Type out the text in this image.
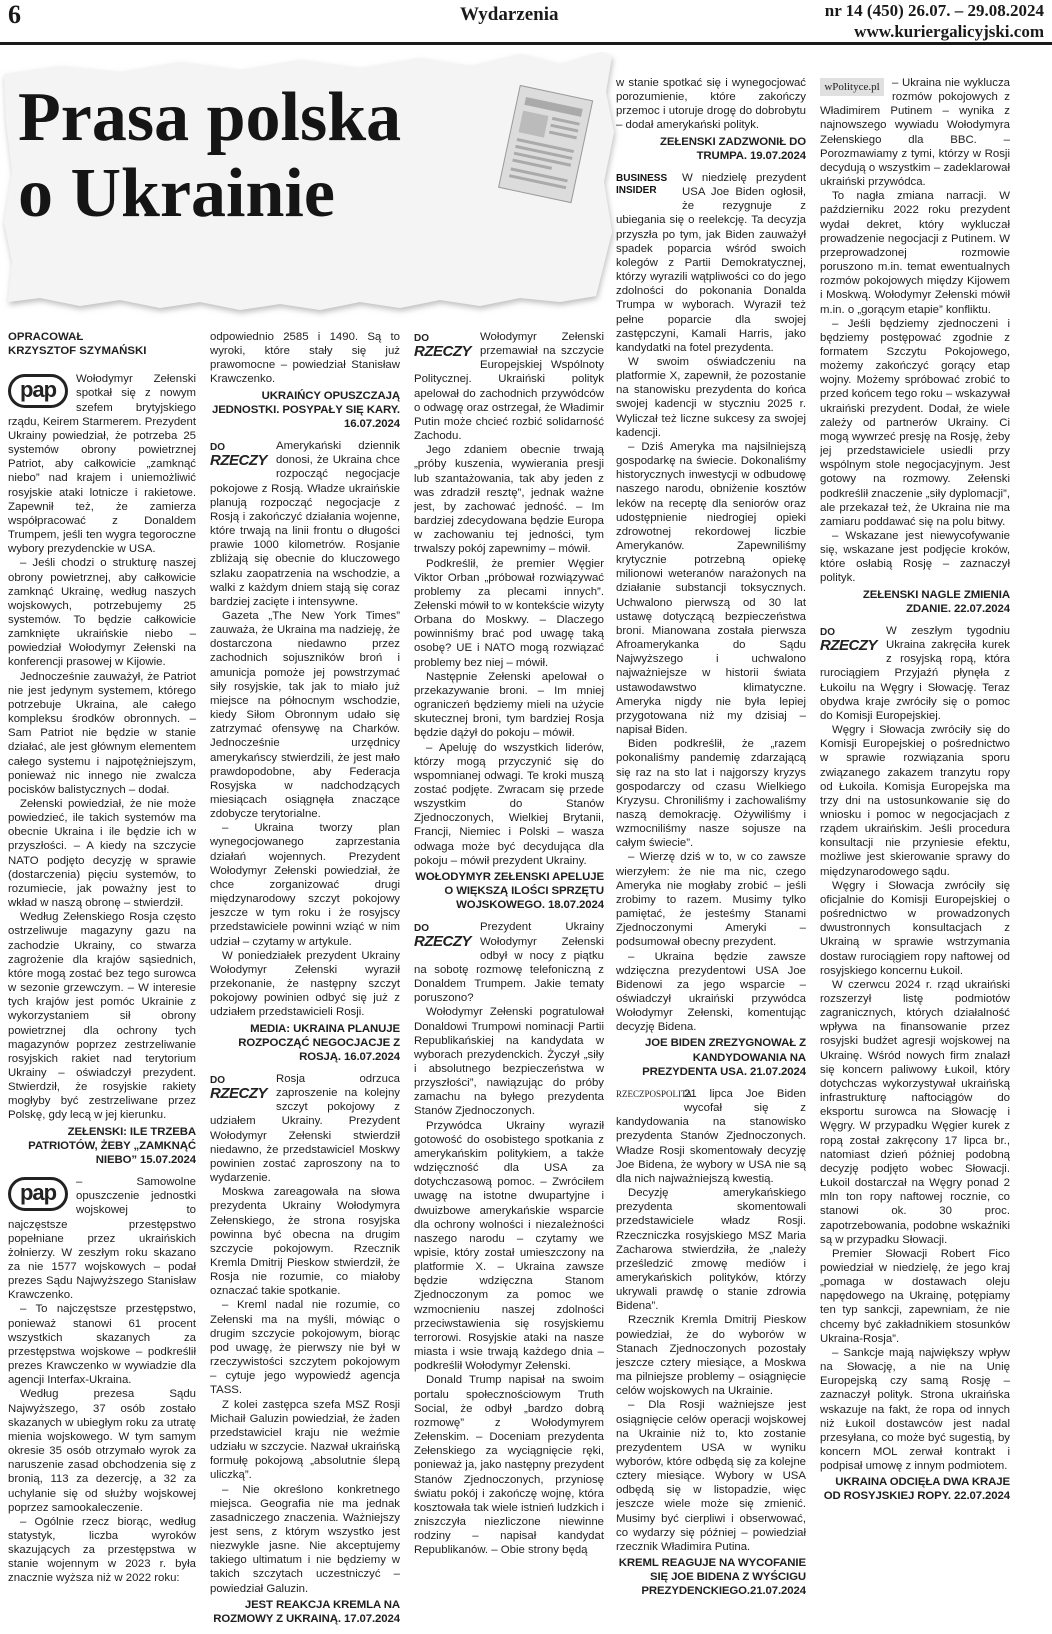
6	Wydarzenia	nr 14 (450) 26.07. – 29.08.2024
www.kuriergalicyjski.com
Prasa polska
o Ukrainie
OPRACOWAŁ
KRZYSZTOF SZYMAŃSKI
pap	Wołodymyr Zełenski spotkał się z nowym szefem brytyjskiego rządu, Keirem Starmerem. Prezydent Ukrainy powiedział, że potrzeba 25 systemów obrony powietrznej Patriot, aby całkowicie „zamknąć niebo” nad krajem i uniemożliwić rosyjskie ataki lotnicze i rakietowe. Zapewnił też, że zamierza współpracować z Donaldem Trumpem, jeśli ten wygra tegoroczne wybory prezydenckie w USA.

– Jeśli chodzi o strukturę naszej obrony powietrznej, aby całkowicie zamknąć Ukrainę, według naszych wojskowych, potrzebujemy 25 systemów. To będzie całkowicie zamknięte ukraińskie niebo – powiedział Wołodymyr Zełenski na konferencji prasowej w Kijowie.

Jednocześnie zauważył, że Patriot nie jest jedynym systemem, którego potrzebuje Ukraina, ale całego kompleksu środków obronnych. – Sam Patriot nie będzie w stanie działać, ale jest głównym elementem całego systemu i najpotężniejszym, ponieważ nic innego nie zwalcza pocisków balistycznych – dodał.

Zełenski powiedział, że nie może powiedzieć, ile takich systemów ma obecnie Ukraina i ile będzie ich w przyszłości. – A kiedy na szczycie NATO podjęto decyzję w sprawie (dostarczenia) pięciu systemów, to rozumiecie, jak poważny jest to wkład w naszą obronę – stwierdził.

Według Zełenskiego Rosja często ostrzeliwuje magazyny gazu na zachodzie Ukrainy, co stwarza zagrożenie dla krajów sąsiednich, które mogą zostać bez tego surowca w sezonie grzewczym. – W interesie tych krajów jest pomóc Ukrainie z wykorzystaniem sił obrony powietrznej dla ochrony tych magazynów poprzez zestrzeliwanie rosyjskich rakiet nad terytorium Ukrainy – oświadczył prezydent. Stwierdził, że rosyjskie rakiety mogłyby być zestrzeliwane przez Polskę, gdy lecą w jej kierunku.

ZEŁENSKI: ILE TRZEBA PATRIOTÓW, ŻEBY „ZAMKNĄĆ NIEBO” 15.07.2024

pap	– Samowolne opuszczenie jednostki wojskowej to najczęstsze przestępstwo popełniane przez ukraińskich żołnierzy. W zeszłym roku skazano za nie 1577 wojskowych – podał prezes Sądu Najwyższego Stanisław Krawczenko.

– To najczęstsze przestępstwo, ponieważ stanowi 61 procent wszystkich skazanych za przestępstwa wojskowe – podkreślił prezes Krawczenko w wywiadzie dla agencji Interfax-Ukraina.

Według prezesa Sądu Najwyższego, 37 osób zostało skazanych w ubiegłym roku za utratę mienia wojskowego. W tym samym okresie 35 osób otrzymało wyrok za naruszenie zasad obchodzenia się z bronią, 113 za dezercję, a 32 za uchylanie się od służby wojskowej poprzez samookaleczenie.

– Ogólnie rzecz biorąc, według statystyk, liczba wyroków skazujących za przestępstwa w stanie wojennym w 2023 r. była znacznie wyższa niż w 2022 roku:

odpowiednio 2585 i 1490. Są to wyroki, które stały się już prawomocne – powiedział Stanisław Krawczenko.

UKRAIŃCY OPUSZCZAJĄ JEDNOSTKI. POSYPAŁY SIĘ KARY. 16.07.2024

DO
RZECZY

Amerykański dziennik donosi, że Ukraina chce rozpocząć negocjacje pokojowe z Rosją. Władze ukraińskie planują rozpocząć negocjacje z Rosją i zakończyć działania wojenne, które trwają na linii frontu o długości prawie 1000 kilometrów. Rosjanie zbliżają się obecnie do kluczowego szlaku zaopatrzenia na wschodzie, a walki z każdym dniem stają się coraz bardziej zacięte i intensywne.

Gazeta „The New York Times” zauważa, że Ukraina ma nadzieję, że dostarczona niedawno przez zachodnich sojuszników broń i amunicja pomoże jej powstrzymać siły rosyjskie, tak jak to miało już miejsce na północnym wschodzie, kiedy Siłom Obronnym udało się zatrzymać ofensywę na Charków. Jednocześnie urzędnicy amerykańscy stwierdzili, że jest mało prawdopodobne, aby Federacja Rosyjska w nadchodzących miesiącach osiągnęła znaczące zdobycze terytorialne.

– Ukraina tworzy plan wynegocjowanego zaprzestania działań wojennych. Prezydent Wołodymyr Zełenski powiedział, że chce zorganizować drugi międzynarodowy szczyt pokojowy jeszcze w tym roku i że rosyjscy przedstawiciele powinni wziąć w nim udział – czytamy w artykule.

W poniedziałek prezydent Ukrainy Wołodymyr Zełenski wyraził przekonanie, że następny szczyt pokojowy powinien odbyć się już z udziałem przedstawicieli Rosji.

MEDIA: UKRAINA PLANUJE ROZPOCZĄĆ NEGOCJACJE Z ROSJĄ. 16.07.2024

DO
RZECZY

Rosja odrzuca zaproszenie na kolejny szczyt pokojowy z udziałem Ukrainy. Prezydent Wołodymyr Zełenski stwierdził niedawno, że przedstawiciel Moskwy powinien zostać zaproszony na to wydarzenie.

Moskwa zareagowała na słowa prezydenta Ukrainy Wołodymyra Zełenskiego, że strona rosyjska powinna być obecna na drugim szczycie pokojowym. Rzecznik Kremla Dmitrij Pieskow stwierdził, że Rosja nie rozumie, co miałoby oznaczać takie spotkanie.

– Kreml nadal nie rozumie, co Zełenski ma na myśli, mówiąc o drugim szczycie pokojowym, biorąc pod uwagę, że pierwszy nie był w rzeczywistości szczytem pokojowym – cytuje jego wypowiedź agencja TASS.

Z kolei zastępca szefa MSZ Rosji Michaił Galuzin powiedział, że żaden przedstawiciel kraju nie weźmie udziału w szczycie. Nazwał ukraińską formułę pokojową „absolutnie ślepą uliczką”.

– Nie określono konkretnego miejsca. Geografia nie ma jednak zasadniczego znaczenia. Ważniejszy jest sens, z którym wszystko jest niezwykle jasne. Nie akceptujemy takiego ultimatum i nie będziemy w takich szczytach uczestniczyć – powiedział Galuzin.

JEST REAKCJA KREMLA NA ROZMOWY Z UKRAINĄ. 17.07.2024

DO
RZECZY

Wołodymyr Zełenski przemawiał na szczycie Europejskiej Wspólnoty Politycznej. Ukraiński polityk apelował do zachodnich przywódców o odwagę oraz ostrzegał, że Władimir Putin może chcieć rozbić solidarność Zachodu.

Jego zdaniem obecnie trwają „próby kuszenia, wywierania presji lub szantażowania, tak aby jeden z was zdradził resztę”, jednak ważne jest, by zachować jedność. – Im bardziej zdecydowana będzie Europa w zachowaniu tej jedności, tym trwalszy pokój zapewnimy – mówił.

Podkreślił, że premier Węgier Viktor Orban „próbował rozwiązywać problemy za plecami innych”. Zełenski mówił to w kontekście wizyty Orbana do Moskwy. – Dlaczego powinniśmy brać pod uwagę taką osobę? UE i NATO mogą rozwiązać problemy bez niej – mówił.

Następnie Zełenski apelował o przekazywanie broni. – Im mniej ograniczeń będziemy mieli na użycie skutecznej broni, tym bardziej Rosja będzie dążył do pokoju – mówił.

– Apeluję do wszystkich liderów, którzy mogą przyczynić się do wspomnianej odwagi. Te kroki muszą zostać podjęte. Zwracam się przede wszystkim do Stanów Zjednoczonych, Wielkiej Brytanii, Francji, Niemiec i Polski – wasza odwaga może być decydująca dla pokoju – mówił prezydent Ukrainy.

WOŁODYMYR ZEŁENSKI APELUJE O WIĘKSZĄ ILOŚCI SPRZĘTU WOJSKOWEGO. 18.07.2024

DO
RZECZY

Prezydent Ukrainy Wołodymyr Zełenski odbył w nocy z piątku na sobotę rozmowę telefoniczną z Donaldem Trumpem. Jakie tematy poruszono?

Wołodymyr Zełenski pogratulował Donaldowi Trumpowi nominacji Partii Republikańskiej na kandydata w wyborach prezydenckich. Życzył „siły i absolutnego bezpieczeństwa w przyszłości”, nawiązując do próby zamachu na byłego prezydenta Stanów Zjednoczonych.

Przywódca Ukrainy wyraził gotowość do osobistego spotkania z amerykańskim politykiem, a także wdzięczność dla USA za dotychczasową pomoc. – Zwróciłem uwagę na istotne dwupartyjne i dwuizbowe amerykańskie wsparcie dla ochrony wolności i niezależności naszego narodu – czytamy we wpisie, który został umieszczony na platformie X. – Ukraina zawsze będzie wdzięczna Stanom Zjednoczonym za pomoc we wzmocnieniu naszej zdolności przeciwstawienia się rosyjskiemu terrorowi. Rosyjskie ataki na nasze miasta i wsie trwają każdego dnia – podkreślił Wołodymyr Zełenski.

Donald Trump napisał na swoim portalu społecznościowym Truth Social, że odbył „bardzo dobrą rozmowę” z Wołodymyrem Zełenskim. – Doceniam prezydenta Zełenskiego za wyciągnięcie ręki, ponieważ ja, jako następny prezydent Stanów Zjednoczonych, przyniosę światu pokój i zakończę wojnę, która kosztowała tak wiele istnień ludzkich i zniszczyła niezliczone niewinne rodziny – napisał kandydat Republikanów. – Obie strony będą

w stanie spotkać się i wynegocjować porozumienie, które zakończy przemoc i utoruje drogę do dobrobytu – dodał amerykański polityk.

ZEŁENSKI ZADZWONIŁ DO TRUMPA. 19.07.2024

BUSINESS INSIDER

W niedzielę prezydent USA Joe Biden ogłosił, że rezygnuje z ubiegania się o reelekcję. Ta decyzja przyszła po tym, jak Biden zauważył spadek poparcia wśród swoich kolegów z Partii Demokratycznej, którzy wyrazili wątpliwości co do jego zdolności do pokonania Donalda Trumpa w wyborach. Wyraził też pełne poparcie dla swojej zastępczyni, Kamali Harris, jako kandydatki na fotel prezydenta.

W swoim oświadczeniu na platformie X, zapewnił, że pozostanie na stanowisku prezydenta do końca swojej kadencji w styczniu 2025 r. Wyliczał też liczne sukcesy za swojej kadencji.

– Dziś Ameryka ma najsilniejszą gospodarkę na świecie. Dokonaliśmy historycznych inwestycji w odbudowę naszego narodu, obniżenie kosztów leków na receptę dla seniorów oraz udostępnienie niedrogiej opieki zdrowotnej rekordowej liczbie Amerykanów. Zapewniliśmy krytycznie potrzebną opiekę milionowi weteranów narażonych na działanie substancji toksycznych. Uchwalono pierwszą od 30 lat ustawę dotyczącą bezpieczeństwa broni. Mianowana została pierwsza Afroamerykanka do Sądu Najwyższego i uchwalono najważniejsze w historii świata ustawodawstwo klimatyczne. Ameryka nigdy nie była lepiej przygotowana niż my dzisiaj – napisał Biden.

Biden podkreślił, że „razem pokonaliśmy pandemię zdarzającą się raz na sto lat i najgorszy kryzys gospodarczy od czasu Wielkiego Kryzysu. Chroniliśmy i zachowaliśmy naszą demokrację. Ożywiliśmy i wzmocniliśmy nasze sojusze na całym świecie”.

– Wierzę dziś w to, w co zawsze wierzyłem: że nie ma nic, czego Ameryka nie mogłaby zrobić – jeśli zrobimy to razem. Musimy tylko pamiętać, że jesteśmy Stanami Zjednoczonymi Ameryki – podsumował obecny prezydent.

– Ukraina będzie zawsze wdzięczna prezydentowi USA Joe Bidenowi za jego wsparcie – oświadczył ukraiński przywódca Wołodymyr Zełenski, komentując decyzję Bidena.

JOE BIDEN ZREZYGNOWAŁ Z KANDYDOWANIA NA PREZYDENTA USA. 21.07.2024

RZECZPOSPOLITA

21 lipca Joe Biden wycofał się z kandydowania na stanowisko prezydenta Stanów Zjednoczonych. Władze Rosji skomentowały decyzję Joe Bidena, że wybory w USA nie są dla nich najważniejszą kwestią.

Decyzję amerykańskiego prezydenta skomentowali przedstawiciele władz Rosji. Rzeczniczka rosyjskiego MSZ Maria Zacharowa stwierdziła, że „należy prześledzić zmowę mediów i amerykańskich polityków, którzy ukrywali prawdę o stanie zdrowia Bidena”.

Rzecznik Kremla Dmitrij Pieskow powiedział, że do wyborów w Stanach Zjednoczonych pozostały jeszcze cztery miesiące, a Moskwa ma pilniejsze problemy – osiągnięcie celów wojskowych na Ukrainie.

– Dla Rosji ważniejsze jest osiągnięcie celów operacji wojskowej na Ukrainie niż to, kto zostanie prezydentem USA w wyniku wyborów, które odbędą się za kolejne cztery miesiące. Wybory w USA odbędą się w listopadzie, więc jeszcze wiele może się zmienić. Musimy być cierpliwi i obserwować, co wydarzy się później – powiedział rzecznik Władimira Putina.

KREML REAGUJE NA WYCOFANIE SIĘ JOE BIDENA Z WYŚCIGU PREZYDENCKIEGO.21.07.2024

wPolityce.pl	– Ukraina nie wyklucza rozmów pokojowych z Władimirem Putinem – wynika z najnowszego wywiadu Wołodymyra Zełenskiego dla BBC. – Porozmawiamy z tymi, którzy w Rosji decydują o wszystkim – zadeklarował ukraiński przywódca.

To nagła zmiana narracji. W październiku 2022 roku prezydent wydał dekret, który wykluczał prowadzenie negocjacji z Putinem. W przeprowadzonej rozmowie poruszono m.in. temat ewentualnych rozmów pokojowych między Kijowem i Moskwą. Wołodymyr Zełenski mówił m.in. o „gorącym etapie” konfliktu.

– Jeśli będziemy zjednoczeni i będziemy postępować zgodnie z formatem Szczytu Pokojowego, możemy zakończyć gorący etap wojny. Możemy spróbować zrobić to przed końcem tego roku – wskazywał ukraiński prezydent. Dodał, że wiele zależy od partnerów Ukrainy. Ci mogą wywrzeć presję na Rosję, żeby jej przedstawiciele usiedli przy wspólnym stole negocjacyjnym. Jest gotowy na rozmowy. Zełenski podkreślił znaczenie „siły dyplomacji”, ale przekazał też, że Ukraina nie ma zamiaru poddawać się na polu bitwy.

– Wskazane jest niewycofywanie się, wskazane jest podjęcie kroków, które osłabią Rosję – zaznaczył polityk.

ZEŁENSKI NAGLE ZMIENIA ZDANIE. 22.07.2024

DO
RZECZY

W zeszłym tygodniu Ukraina zakręciła kurek z rosyjską ropą, która rurociągiem Przyjaźń płynęła z Łukoilu na Węgry i Słowację. Teraz obydwa kraje zwróciły się o pomoc do Komisji Europejskiej.

Węgry i Słowacja zwróciły się do Komisji Europejskiej o pośrednictwo w sprawie rozwiązania sporu związanego zakazem tranzytu ropy od Łukoila. Komisja Europejska ma trzy dni na ustosunkowanie się do wniosku i pomoc w negocjacjach z rządem ukraińskim. Jeśli procedura konsultacji nie przyniesie efektu, możliwe jest skierowanie sprawy do międzynarodowego sądu.

Węgry i Słowacja zwróciły się oficjalnie do Komisji Europejskiej o pośrednictwo w prowadzonych dwustronnych konsultacjach z Ukrainą w sprawie wstrzymania dostaw rurociągiem ropy naftowej od rosyjskiego koncernu Łukoil.

W czerwcu 2024 r. rząd ukraiński rozszerzył listę podmiotów zagranicznych, których działalność wpływa na finansowanie przez rosyjski budżet agresji wojskowej na Ukrainę. Wśród nowych firm znalazł się koncern paliwowy Łukoil, który dotychczas wykorzystywał ukraińską infrastrukturę naftociągów do eksportu surowca na Słowację i Węgry. W przypadku Węgier kurek z ropą został zakręcony 17 lipca br., natomiast dzień później podobną decyzję podjęto wobec Słowacji. Łukoil dostarczał na Węgry ponad 2 mln ton ropy naftowej rocznie, co stanowi ok. 30 proc. zapotrzebowania, podobne wskaźniki są w przypadku Słowacji.

Premier Słowacji Robert Fico powiedział w niedzielę, że jego kraj „pomaga w dostawach oleju napędowego na Ukrainę, potępiamy ten typ sankcji, zapewniam, że nie chcemy być zakładnikiem stosunków Ukraina-Rosja”.

– Sankcje mają największy wpływ na Słowację, a nie na Unię Europejską czy samą Rosję – zaznaczył polityk. Strona ukraińska wskazuje na fakt, że ropa od innych niż Łukoil dostawców jest nadal przesyłana, co może być sugestią, by koncern MOL zerwał kontrakt i podpisał umowę z innym podmiotem.

UKRAINA ODCIĘŁA DWA KRAJE OD ROSYJSKIEJ ROPY. 22.07.2024
